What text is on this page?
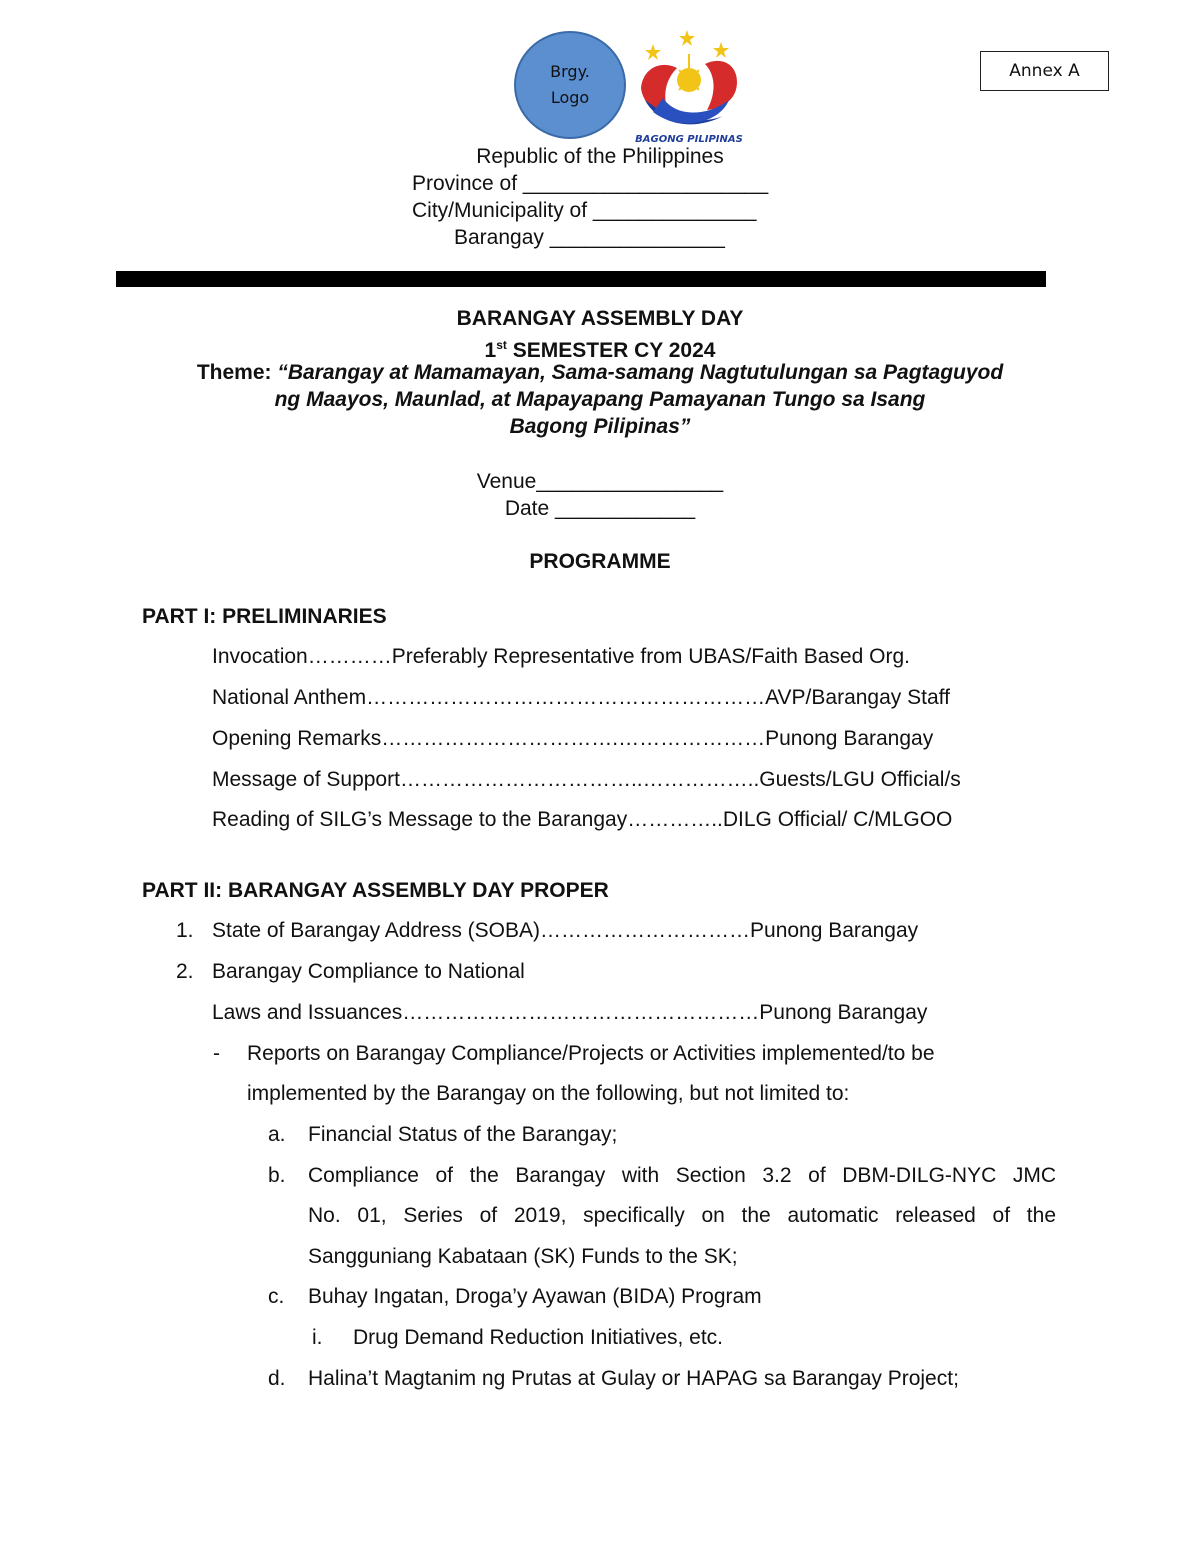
Annex A
Brgy.
Logo
BAGONG PILIPINAS
Republic of the Philippines
Province of _____________________
City/Municipality of ______________
Barangay _______________
BARANGAY ASSEMBLY DAY
1st SEMESTER CY 2024
Theme: “Barangay at Mamamayan, Sama-samang Nagtutulungan sa Pagtaguyod
ng Maayos, Maunlad, at Mapayapang Pamayanan Tungo sa Isang
Bagong Pilipinas”
Venue________________
Date ____________
PROGRAMME
PART I: PRELIMINARIES
Invocation…………Preferably Representative from UBAS/Faith Based Org.
National Anthem…………………………………………………AVP/Barangay Staff
Opening Remarks…………………………….…………………Punong Barangay
Message of Support……………………………..……………..Guests/LGU Official/s
Reading of SILG’s Message to the Barangay…………..DILG Official/ C/MLGOO
PART II: BARANGAY ASSEMBLY DAY PROPER
1. State of Barangay Address (SOBA)…………………………Punong Barangay
2. Barangay Compliance to National
Laws and Issuances……………………………………………Punong Barangay
- Reports on Barangay Compliance/Projects or Activities implemented/to be
implemented by the Barangay on the following, but not limited to:
a. Financial Status of the Barangay;
b. Compliance of the Barangay with Section 3.2 of DBM-DILG-NYC JMC
No. 01, Series of 2019, specifically on the automatic released of the
Sangguniang Kabataan (SK) Funds to the SK;
c. Buhay Ingatan, Droga’y Ayawan (BIDA) Program
i. Drug Demand Reduction Initiatives, etc.
d. Halina’t Magtanim ng Prutas at Gulay or HAPAG sa Barangay Project;
